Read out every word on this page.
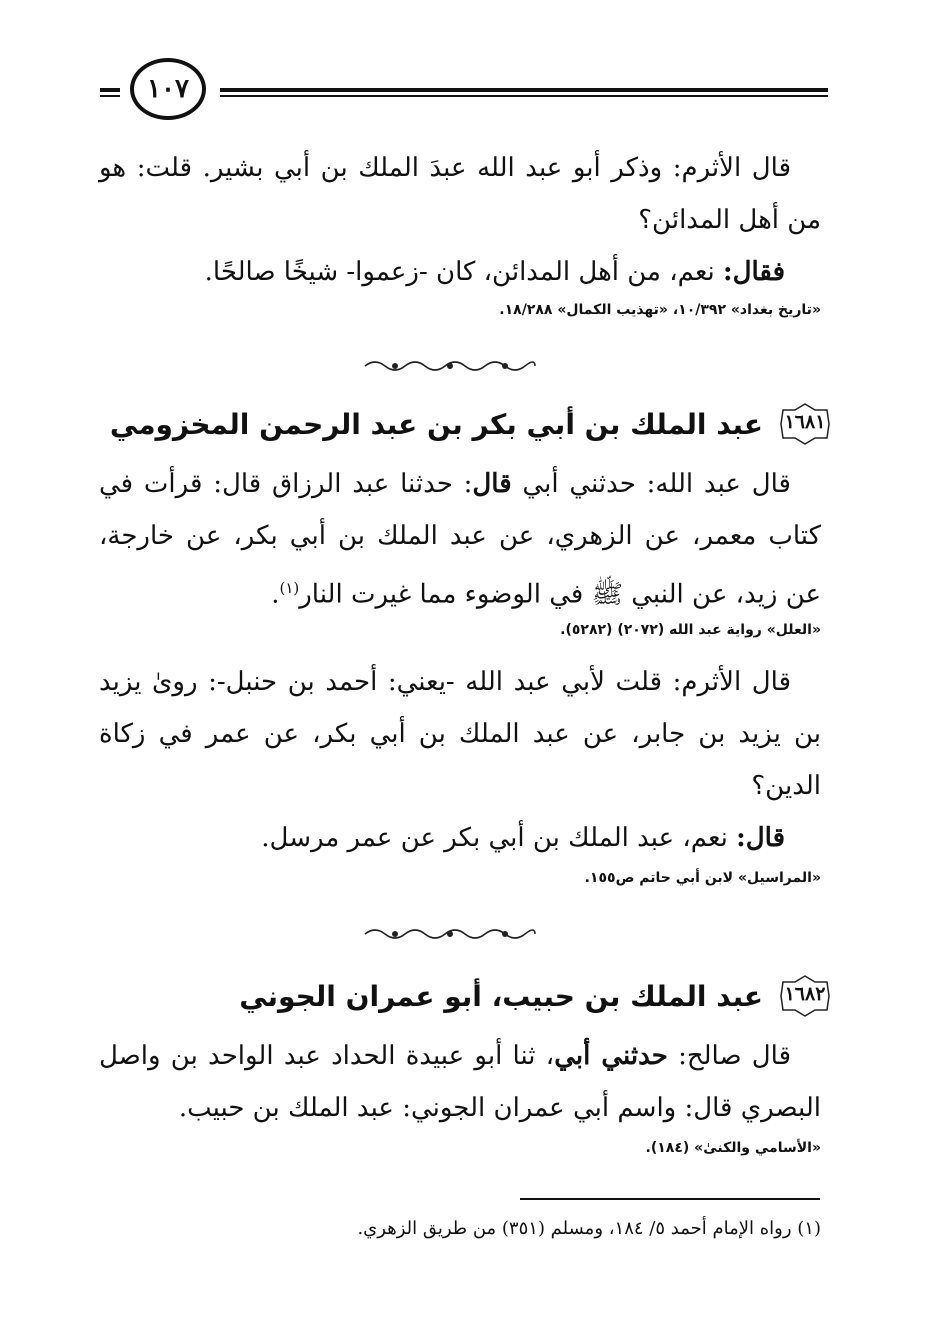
١٠٧

قال الأثرم: وذكر أبو عبد الله عبدَ الملك بن أبي بشير. قلت: هو من أهل المدائن؟

فقال: نعم، من أهل المدائن، كان -زعموا- شيخًا صالحًا.

«تاريخ بغداد» ١٠/٣٩٢، «تهذيب الكمال» ١٨/٢٨٨.
١٦٨١
عبد الملك بن أبي بكر بن عبد الرحمن المخزومي

قال عبد الله: حدثني أبي قال: حدثنا عبد الرزاق قال: قرأت في كتاب معمر، عن الزهري، عن عبد الملك بن أبي بكر، عن خارجة، عن زيد، عن النبي ﷺ في الوضوء مما غيرت النار$^{(١)}$.

«العلل» رواية عبد الله (٢٠٧٢) (٥٢٨٢).

قال الأثرم: قلت لأبي عبد الله -يعني: أحمد بن حنبل-: روىٰ يزيد بن يزيد بن جابر، عن عبد الملك بن أبي بكر، عن عمر في زكاة الدين؟

قال: نعم، عبد الملك بن أبي بكر عن عمر مرسل.

«المراسيل» لابن أبي حاتم ص١٥٥.
١٦٨٢
عبد الملك بن حبيب، أبو عمران الجوني

قال صالح: حدثني أبي، ثنا أبو عبيدة الحداد عبد الواحد بن واصل البصري قال: واسم أبي عمران الجوني: عبد الملك بن حبيب.

«الأسامي والكنىٰ» (١٨٤).
(١) رواه الإمام أحمد ٥/ ١٨٤، ومسلم (٣٥١) من طريق الزهري.
